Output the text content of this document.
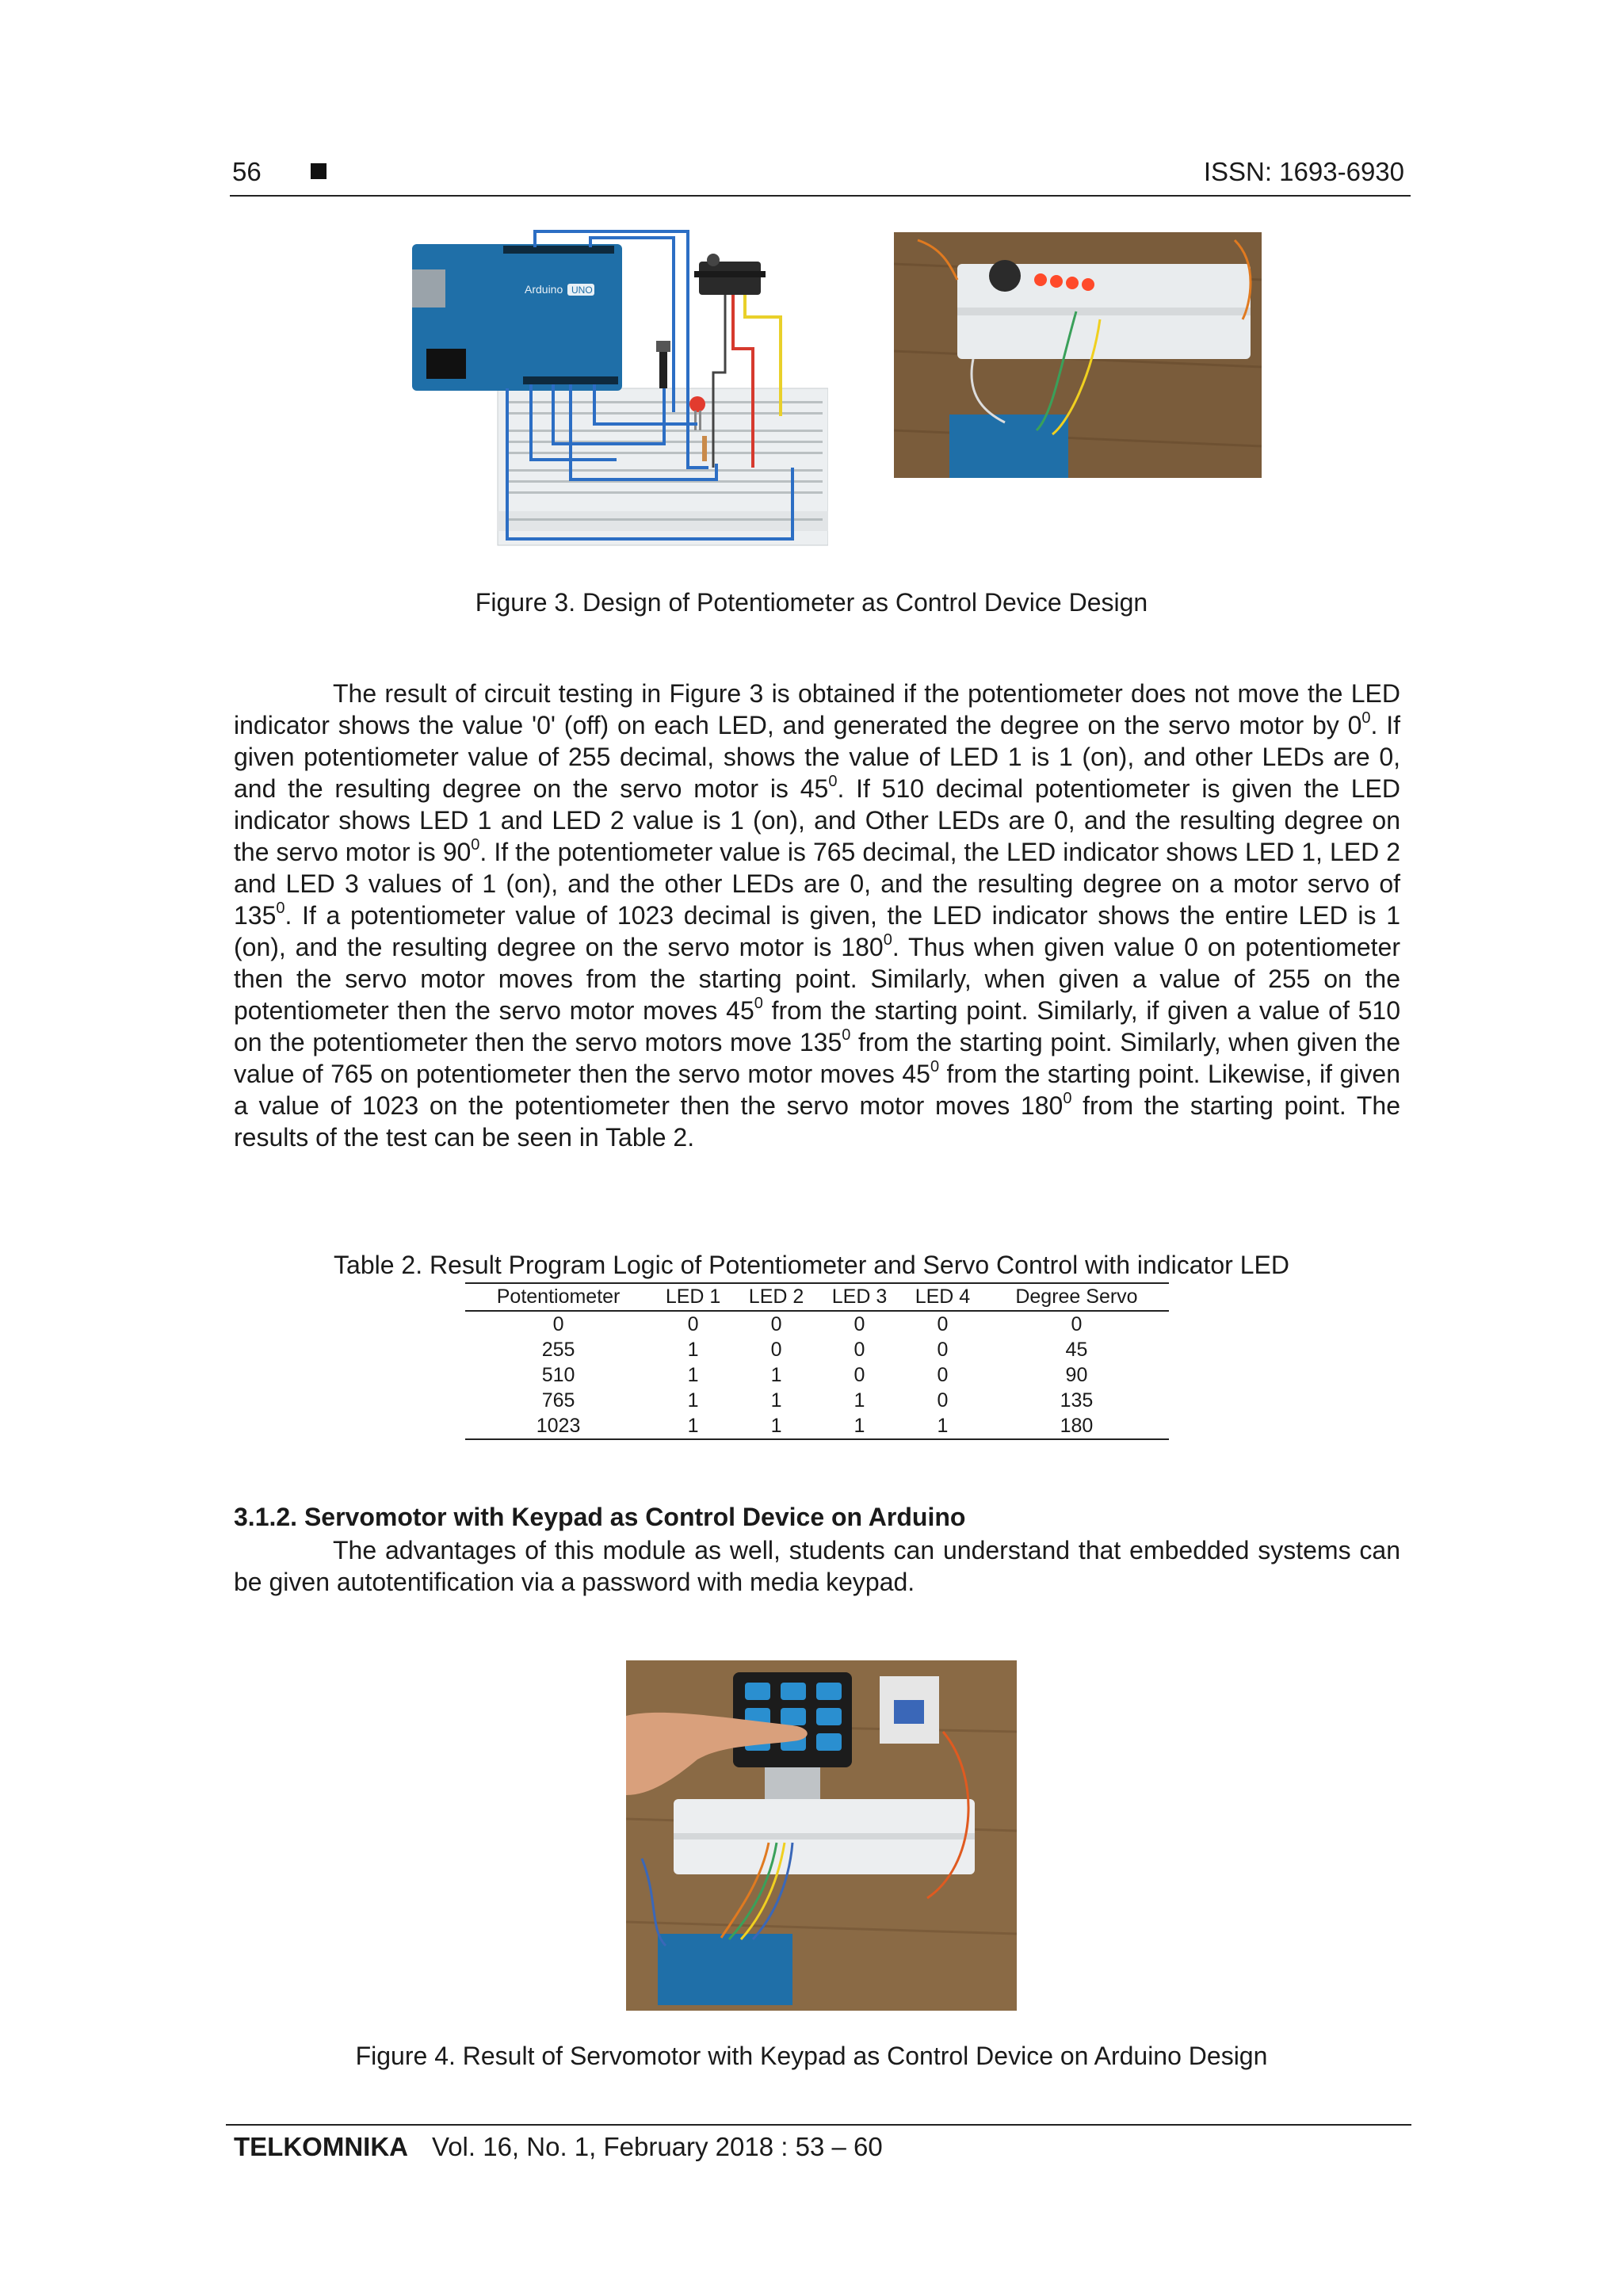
56	ISSN: 1693-6930
Arduino UNO
Figure 3. Design of Potentiometer as Control Device Design
The result of circuit testing in Figure 3 is obtained if the potentiometer does not move the LED indicator shows the value '0' (off) on each LED, and generated the degree on the servo motor by $0^0$. If given potentiometer value of 255 decimal, shows the value of LED 1 is 1 (on), and other LEDs are 0, and the resulting degree on the servo motor is $45^0$. If 510 decimal potentiometer is given the LED indicator shows LED 1 and LED 2 value is 1 (on), and Other LEDs are 0, and the resulting degree on the servo motor is $90^0$. If the potentiometer value is 765 decimal, the LED indicator shows LED 1, LED 2 and LED 3 values of 1 (on), and the other LEDs are 0, and the resulting degree on a motor servo of $135^0$. If a potentiometer value of 1023 decimal is given, the LED indicator shows the entire LED is 1 (on), and the resulting degree on the servo motor is $180^0$. Thus when given value 0 on potentiometer then the servo motor moves from the starting point. Similarly, when given a value of 255 on the potentiometer then the servo motor moves $45^0$ from the starting point. Similarly, if given a value of 510 on the potentiometer then the servo motors move $135^0$ from the starting point. Similarly, when given the value of 765 on potentiometer then the servo motor moves $45^0$ from the starting point. Likewise, if given a value of 1023 on the potentiometer then the servo motor moves $180^0$ from the starting point. The results of the test can be seen in Table 2.
Table 2. Result Program Logic of Potentiometer and Servo Control with indicator LED
Potentiometer	LED 1	LED 2	LED 3	LED 4	Degree Servo
0	0	0	0	0	0
255	1	0	0	0	45
510	1	1	0	0	90
765	1	1	1	0	135
1023	1	1	1	1	180
3.1.2. Servomotor with Keypad as Control Device on Arduino
The advantages of this module as well, students can understand that embedded systems can be given autotentification via a password with media keypad.
Figure 4. Result of Servomotor with Keypad as Control Device on Arduino Design
TELKOMNIKA Vol. 16, No. 1, February 2018 : 53 – 60
